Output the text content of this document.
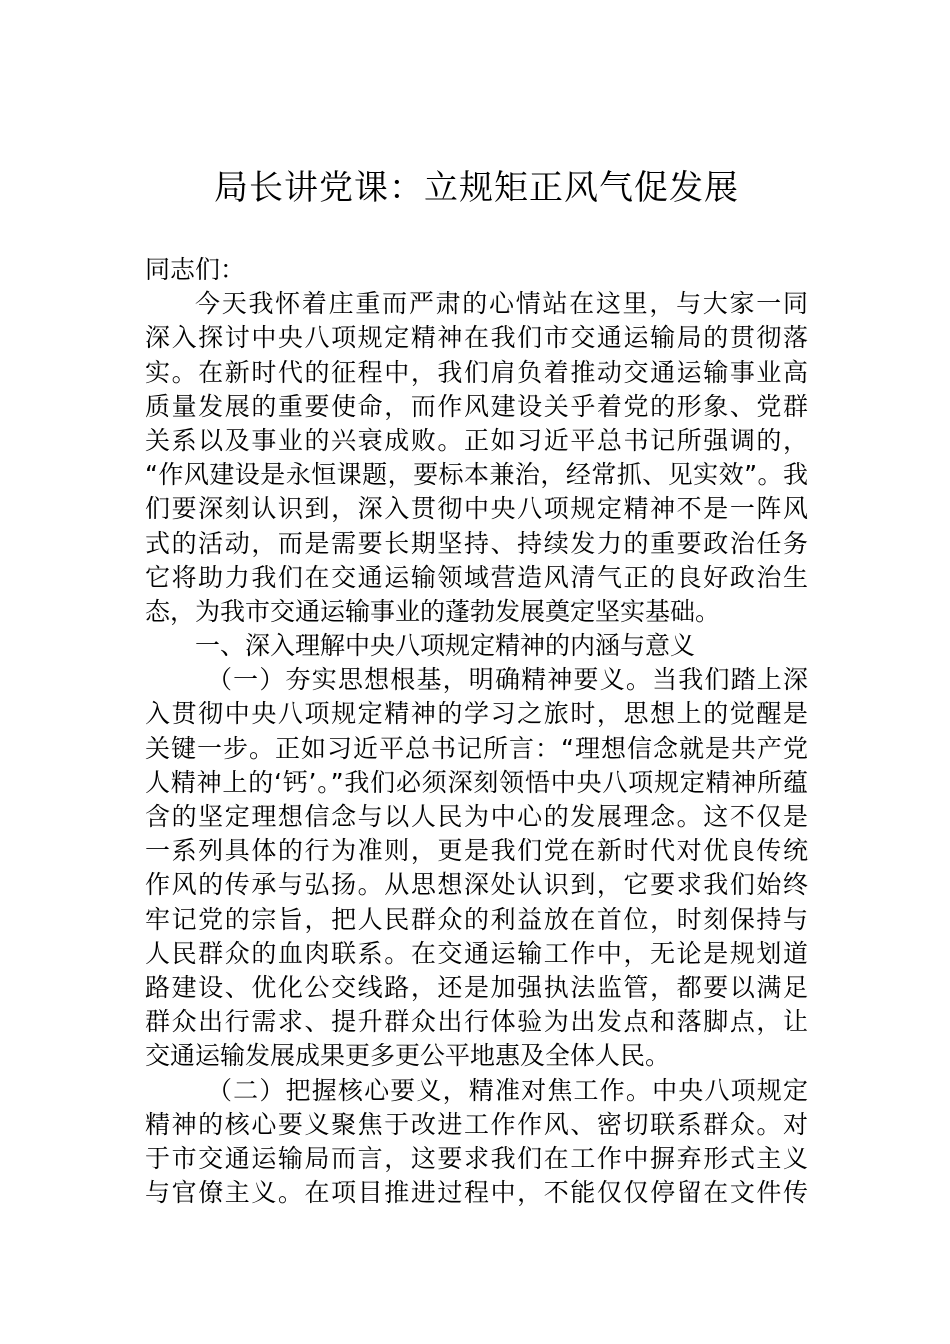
局长讲党课：立规矩正风气促发展
同志们：
今天我怀着庄重而严肃的心情站在这里，与大家一同
深入探讨中央八项规定精神在我们市交通运输局的贯彻落
实。在新时代的征程中，我们肩负着推动交通运输事业高
质量发展的重要使命，而作风建设关乎着党的形象、党群
关系以及事业的兴衰成败。正如习近平总书记所强调的，
“作风建设是永恒课题，要标本兼治，经常抓、见实效”。我
们要深刻认识到，深入贯彻中央八项规定精神不是一阵风
式的活动，而是需要长期坚持、持续发力的重要政治任务
它将助力我们在交通运输领域营造风清气正的良好政治生
态，为我市交通运输事业的蓬勃发展奠定坚实基础。
一、深入理解中央八项规定精神的内涵与意义
（一）夯实思想根基，明确精神要义。当我们踏上深
入贯彻中央八项规定精神的学习之旅时，思想上的觉醒是
关键一步。正如习近平总书记所言：“理想信念就是共产党
人精神上的‘钙’。”我们必须深刻领悟中央八项规定精神所蕴
含的坚定理想信念与以人民为中心的发展理念。这不仅是
一系列具体的行为准则，更是我们党在新时代对优良传统
作风的传承与弘扬。从思想深处认识到，它要求我们始终
牢记党的宗旨，把人民群众的利益放在首位，时刻保持与
人民群众的血肉联系。在交通运输工作中，无论是规划道
路建设、优化公交线路，还是加强执法监管，都要以满足
群众出行需求、提升群众出行体验为出发点和落脚点，让
交通运输发展成果更多更公平地惠及全体人民。
（二）把握核心要义，精准对焦工作。中央八项规定
精神的核心要义聚焦于改进工作作风、密切联系群众。对
于市交通运输局而言，这要求我们在工作中摒弃形式主义
与官僚主义。在项目推进过程中，不能仅仅停留在文件传
